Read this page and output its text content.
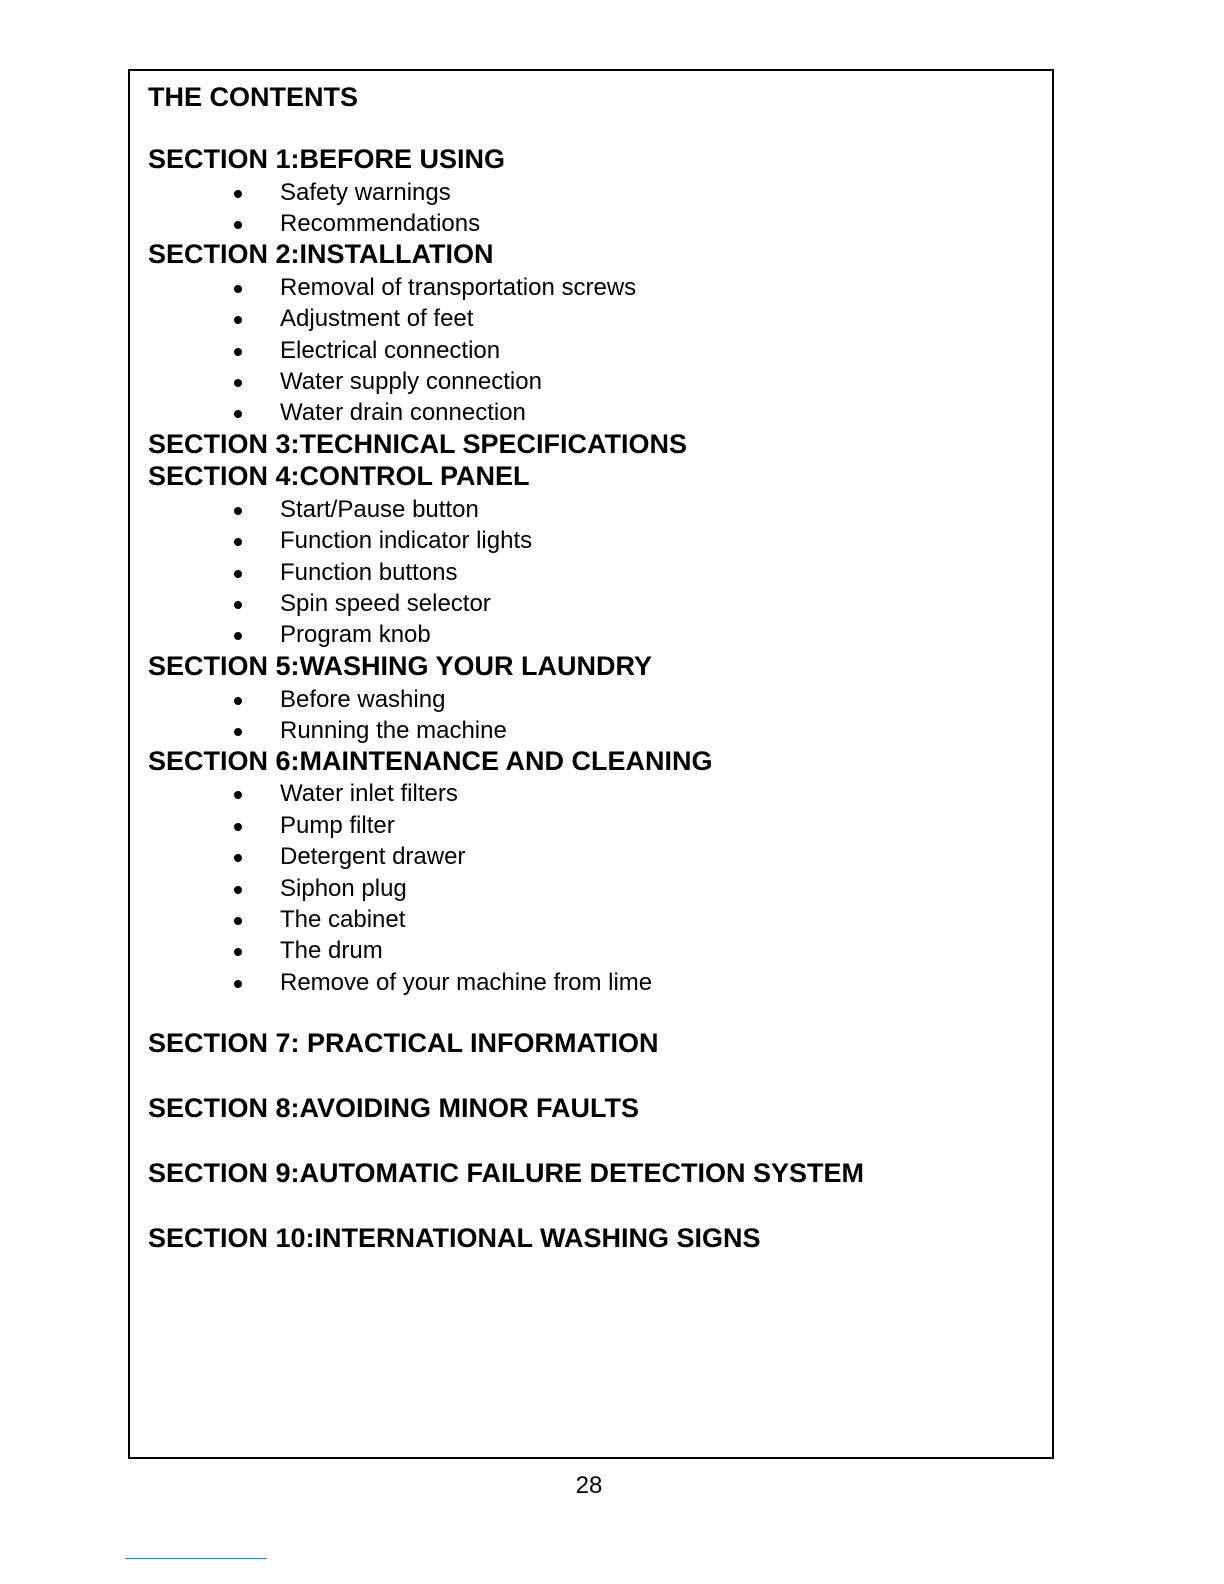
THE CONTENTS
SECTION 1:BEFORE USING
Safety warnings
Recommendations
SECTION 2:INSTALLATION
Removal of transportation screws
Adjustment of feet
Electrical connection
Water supply connection
Water drain connection
SECTION 3:TECHNICAL SPECIFICATIONS
SECTION 4:CONTROL PANEL
Start/Pause button
Function indicator lights
Function buttons
Spin speed selector
Program knob
SECTION 5:WASHING YOUR LAUNDRY
Before washing
Running the machine
SECTION 6:MAINTENANCE AND CLEANING
Water inlet filters
Pump filter
Detergent drawer
Siphon plug
The cabinet
The drum
Remove of your machine from lime
SECTION 7: PRACTICAL INFORMATION
SECTION 8:AVOIDING MINOR FAULTS
SECTION 9:AUTOMATIC FAILURE DETECTION SYSTEM
SECTION 10:INTERNATIONAL WASHING SIGNS
28
